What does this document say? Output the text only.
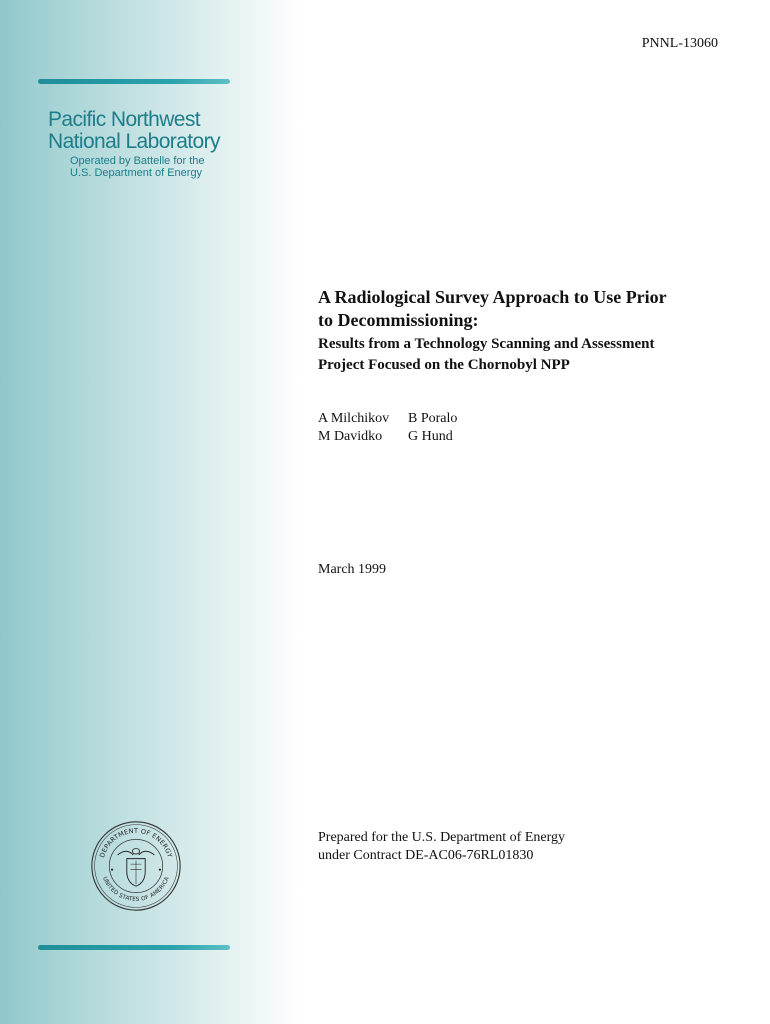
PNNL-13060
Pacific Northwest
National Laboratory
Operated by Battelle for the
U.S. Department of Energy
A Radiological Survey Approach to Use Prior
to Decommissioning:
Results from a Technology Scanning and Assessment
Project Focused on the Chornobyl NPP
A Milchikov	B Poralo
M Davidko	G Hund
March 1999
Prepared for the U.S. Department of Energy
under Contract DE-AC06-76RL01830
DEPARTMENT OF ENERGY
UNITED STATES OF AMERICA
